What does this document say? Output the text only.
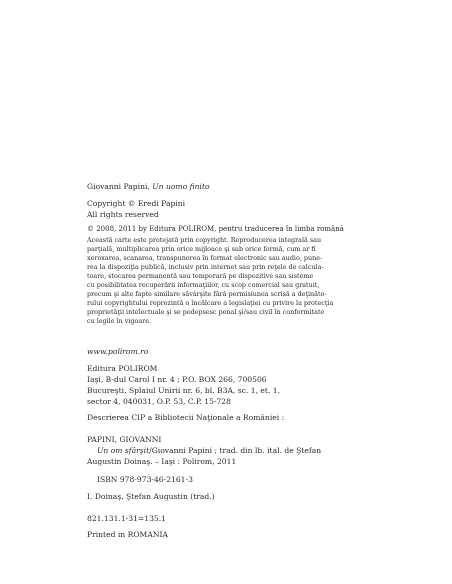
Giovanni Papini, Un uomo finito
Copyright © Eredi Papini
All rights reserved
© 2008, 2011 by Editura POLIROM, pentru traducerea în limba română
Această carte este protejată prin copyright. Reproducerea integrală sau
parţială, multiplicarea prin orice mijloace şi sub orice formă, cum ar fi
xeroxarea, scanarea, transpunerea în format electronic sau audio, pune-
rea la dispoziţia publică, inclusiv prin internet sau prin reţele de calcula-
toare, stocarea permanentă sau temporară pe dispozitive sau sisteme
cu posibilitatea recuperării informaţiilor, cu scop comercial sau gratuit,
precum şi alte fapte similare săvârşite fără permisiunea scrisă a deţinăto-
rului copyrightului reprezintă o încălcare a legislaţiei cu privire la protecţia
proprietăţii intelectuale şi se pedepsesc penal şi/sau civil în conformitate
cu legile în vigoare.
www.polirom.ro
Editura POLIROM
Iaşi, B-dul Carol I nr. 4 ; P.O. BOX 266, 700506
Bucureşti, Splaiul Unirii nr. 6, bl. B3A, sc. 1, et. 1,
sector 4, 040031, O.P. 53, C.P. 15-728
Descrierea CIP a Bibliotecii Naţionale a României :
PAPINI, GIOVANNI
Un om sfârşit/Giovanni Papini ; trad. din lb. ital. de Ştefan
Augustin Doinaş. – Iaşi : Polirom, 2011
ISBN 978-973-46-2161-3
I. Doinaş, Ştefan Augustin (trad.)
821.131.1-31=135.1
Printed in ROMANIA
